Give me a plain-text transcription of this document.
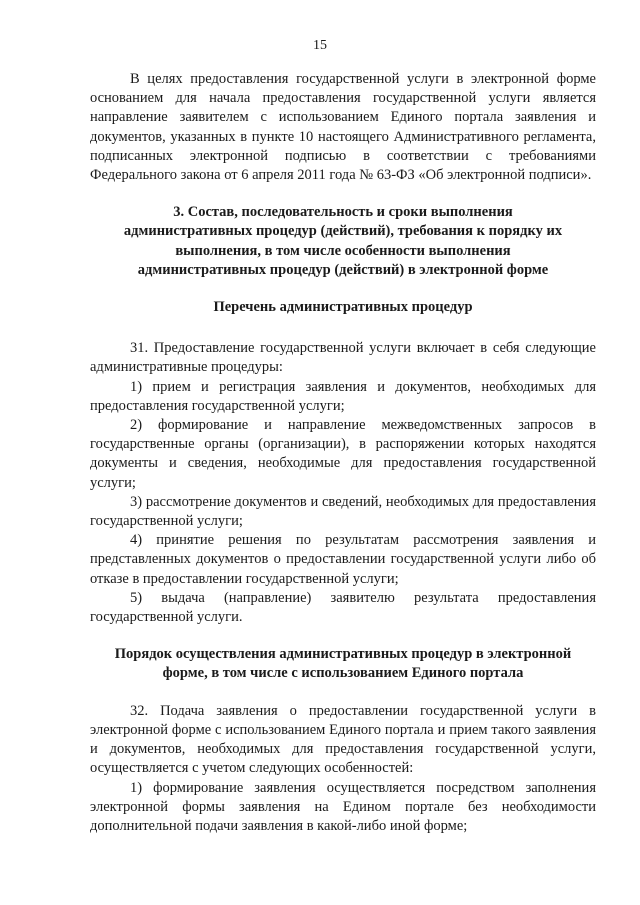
15

В целях предоставления государственной услуги в электронной форме основанием для начала предоставления государственной услуги является направление заявителем с использованием Единого портала заявления и документов, указанных в пункте 10 настоящего Административного регламента, подписанных электронной подписью в соответствии с требованиями Федерального закона от 6 апреля 2011 года № 63-ФЗ «Об электронной подписи».

3. Состав, последовательность и сроки выполнения административных процедур (действий), требования к порядку их выполнения, в том числе особенности выполнения административных процедур (действий) в электронной форме

Перечень административных процедур

31. Предоставление государственной услуги включает в себя следующие административные процедуры:

1) прием и регистрация заявления и документов, необходимых для предоставления государственной услуги;

2) формирование и направление межведомственных запросов в государственные органы (организации), в распоряжении которых находятся документы и сведения, необходимые для предоставления государственной услуги;

3) рассмотрение документов и сведений, необходимых для предоставления государственной услуги;

4) принятие решения по результатам рассмотрения заявления и представленных документов о предоставлении государственной услуги либо об отказе в предоставлении государственной услуги;

5) выдача (направление) заявителю результата предоставления государственной услуги.

Порядок осуществления административных процедур в электронной форме, в том числе с использованием Единого портала

32. Подача заявления о предоставлении государственной услуги в электронной форме с использованием Единого портала и прием такого заявления и документов, необходимых для предоставления государственной услуги, осуществляется с учетом следующих особенностей:

1) формирование заявления осуществляется посредством заполнения электронной формы заявления на Едином портале без необходимости дополнительной подачи заявления в какой-либо иной форме;
